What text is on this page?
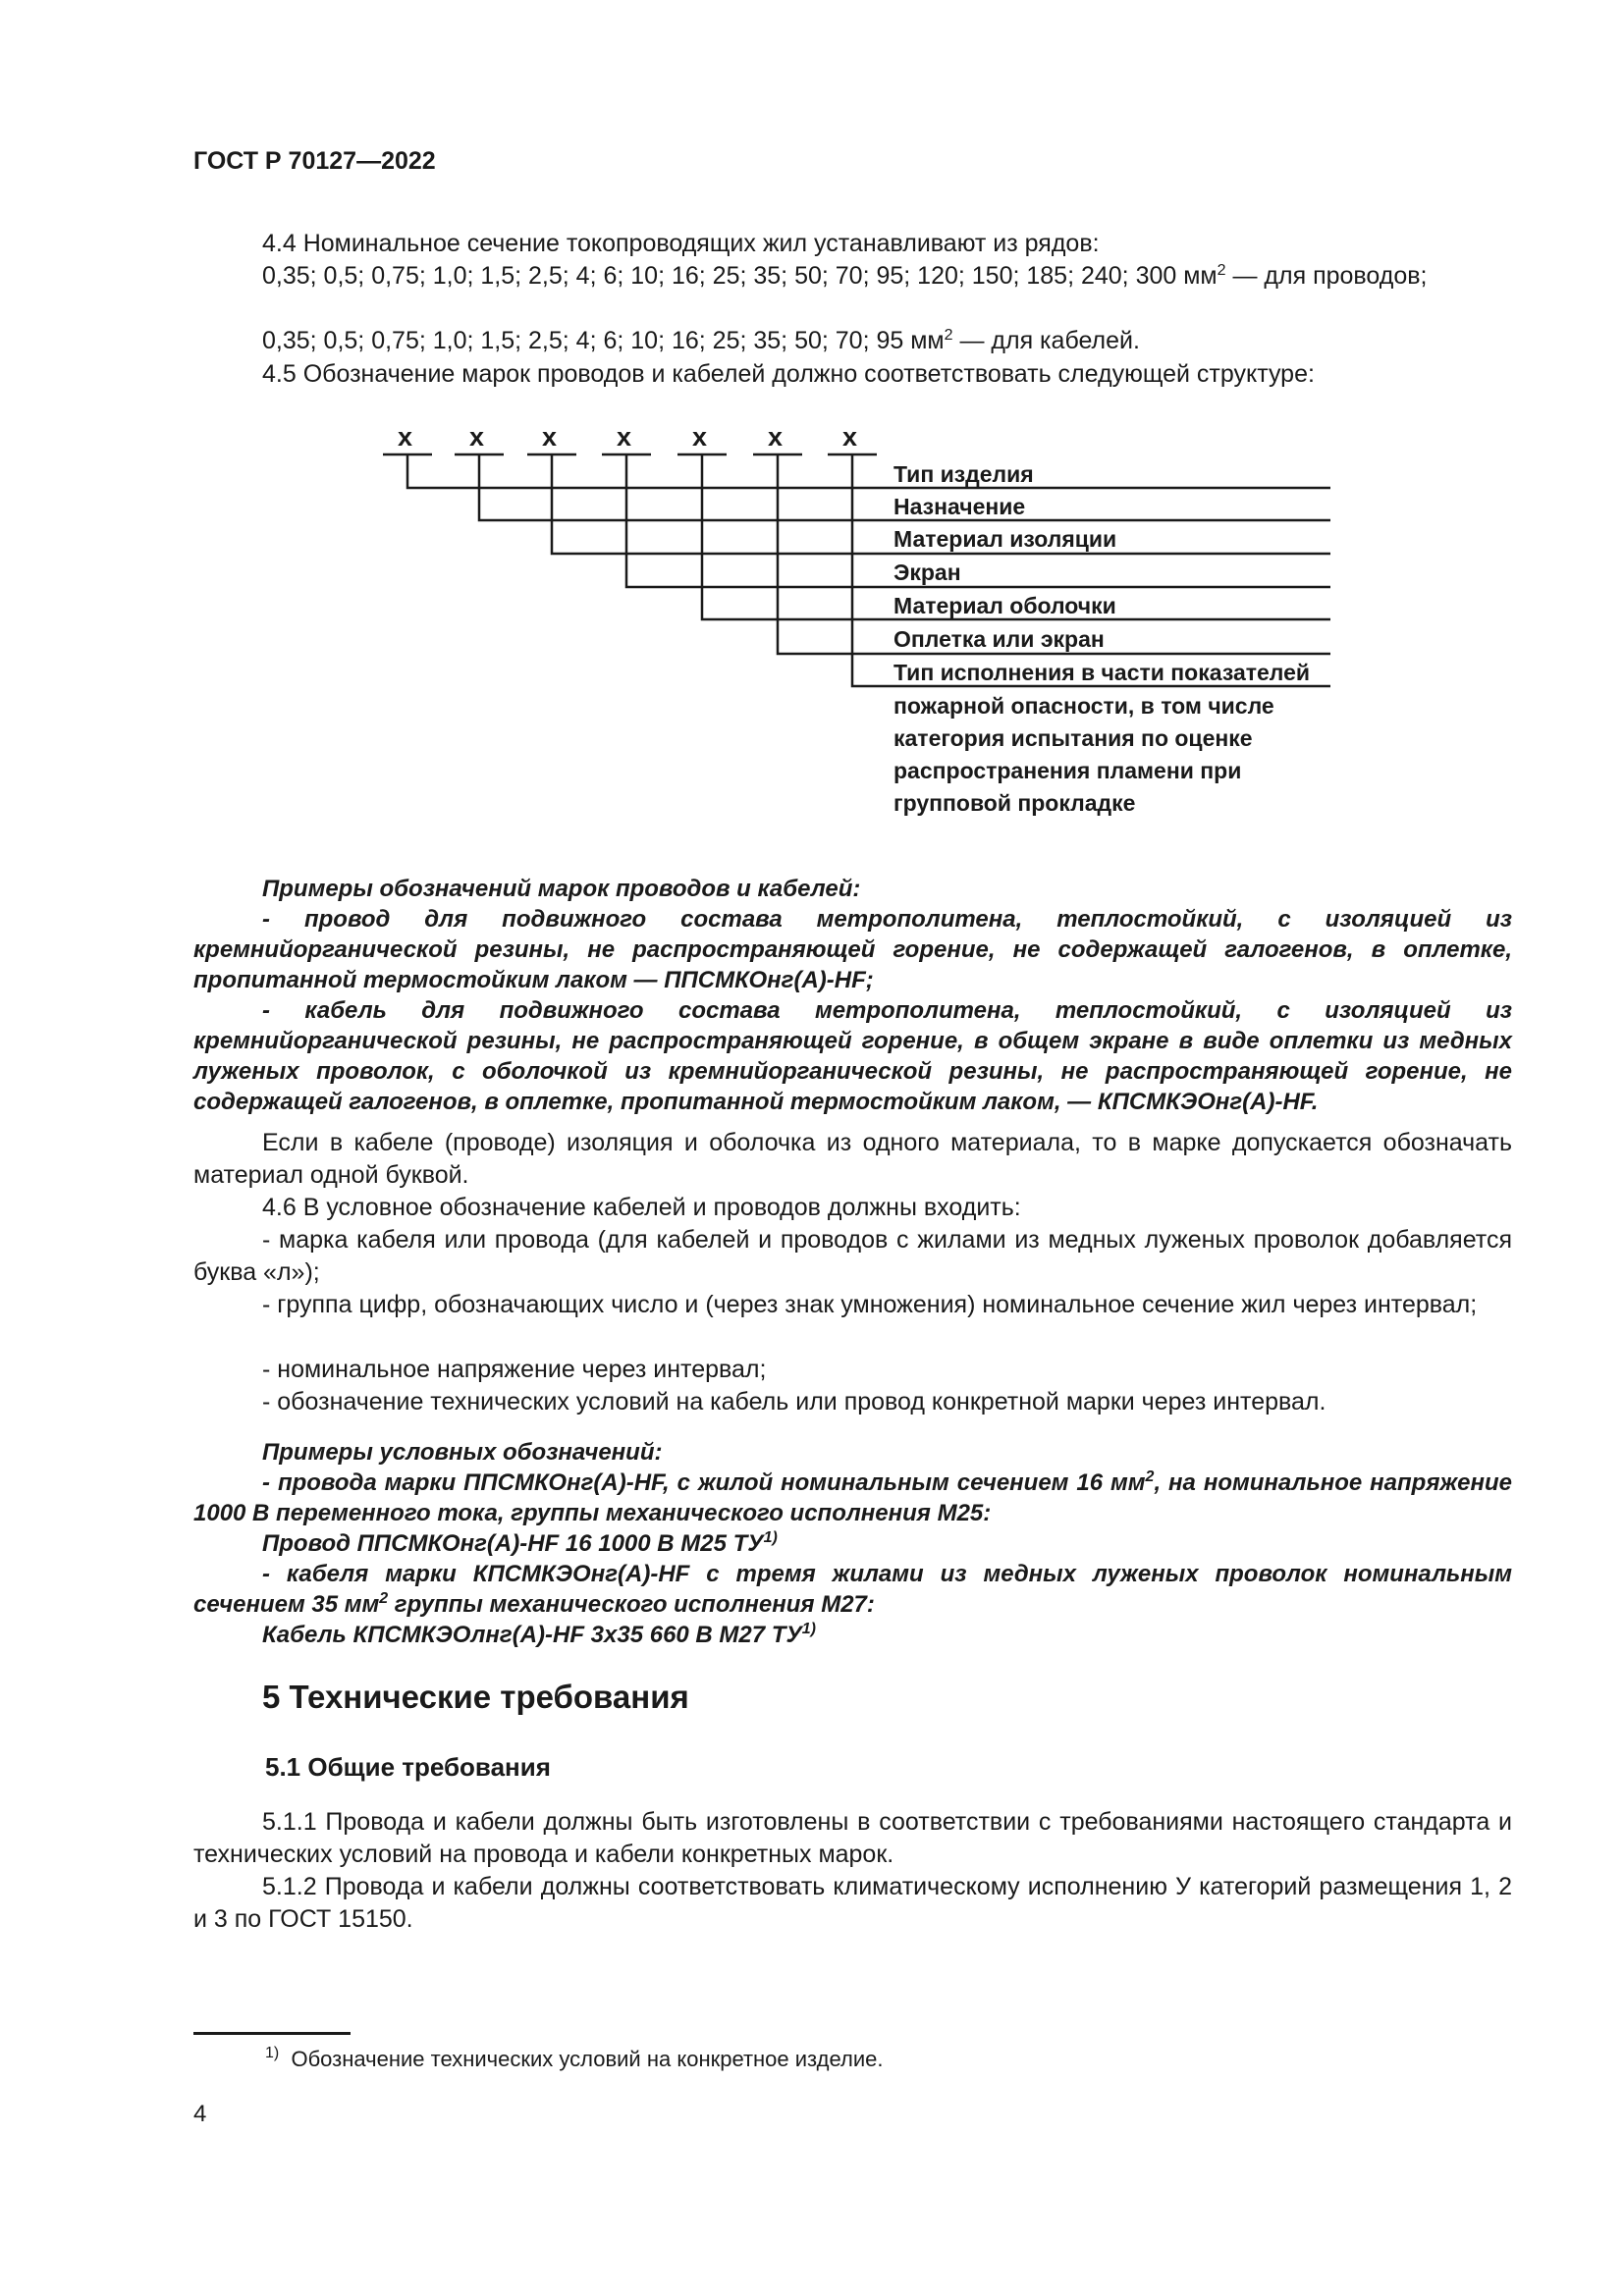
ГОСТ Р 70127—2022
4.4 Номинальное сечение токопроводящих жил устанавливают из рядов:
0,35; 0,5; 0,75; 1,0; 1,5; 2,5; 4; 6; 10; 16; 25; 35; 50; 70; 95; 120; 150; 185; 240; 300 $мм^2$ — для проводов;
0,35; 0,5; 0,75; 1,0; 1,5; 2,5; 4; 6; 10; 16; 25; 35; 50; 70; 95 $мм^2$ — для кабелей.
4.5 Обозначение марок проводов и кабелей должно соответствовать следующей структуре:
х х х х х х х
Тип изделия
Назначение
Материал изоляции
Экран
Материал оболочки
Оплетка или экран
Тип исполнения в части показателей
пожарной опасности, в том числе
категория испытания по оценке
распространения пламени при
групповой прокладке
Примеры обозначений марок проводов и кабелей:
- провод для подвижного состава метрополитена, теплостойкий, с изоляцией из кремнийорганической резины, не распространяющей горение, не содержащей галогенов, в оплетке, пропитанной термостойким лаком — ППСМКОнг(А)-HF;
- кабель для подвижного состава метрополитена, теплостойкий, с изоляцией из кремнийорганической резины, не распространяющей горение, в общем экране в виде оплетки из медных луженых проволок, с оболочкой из кремнийорганической резины, не распространяющей горение, не содержащей галогенов, в оплетке, пропитанной термостойким лаком, — КПСМКЭОнг(А)-HF.
Если в кабеле (проводе) изоляция и оболочка из одного материала, то в марке допускается обозначать материал одной буквой.
4.6 В условное обозначение кабелей и проводов должны входить:
- марка кабеля или провода (для кабелей и проводов с жилами из медных луженых проволок добавляется буква «л»);
- группа цифр, обозначающих число и (через знак умножения) номинальное сечение жил через интервал;
- номинальное напряжение через интервал;
- обозначение технических условий на кабель или провод конкретной марки через интервал.
Примеры условных обозначений:
- провода марки ППСМКОнг(А)-HF, с жилой номинальным сечением 16 $мм^2$, на номинальное напряжение 1000 В переменного тока, группы механического исполнения М25:
Провод ППСМКОнг(А)-HF 16 1000 В М25 ТУ$^{1)}$
- кабеля марки КПСМКЭОнг(А)-HF с тремя жилами из медных луженых проволок номинальным сечением 35 $мм^2$ группы механического исполнения М27:
Кабель КПСМКЭОлнг(А)-HF 3x35 660 В М27 ТУ$^{1)}$
5 Технические требования
5.1 Общие требования
5.1.1 Провода и кабели должны быть изготовлены в соответствии с требованиями настоящего стандарта и технических условий на провода и кабели конкретных марок.
5.1.2 Провода и кабели должны соответствовать климатическому исполнению У категорий размещения 1, 2 и 3 по ГОСТ 15150.
$^{1)}$ Обозначение технических условий на конкретное изделие.
4
